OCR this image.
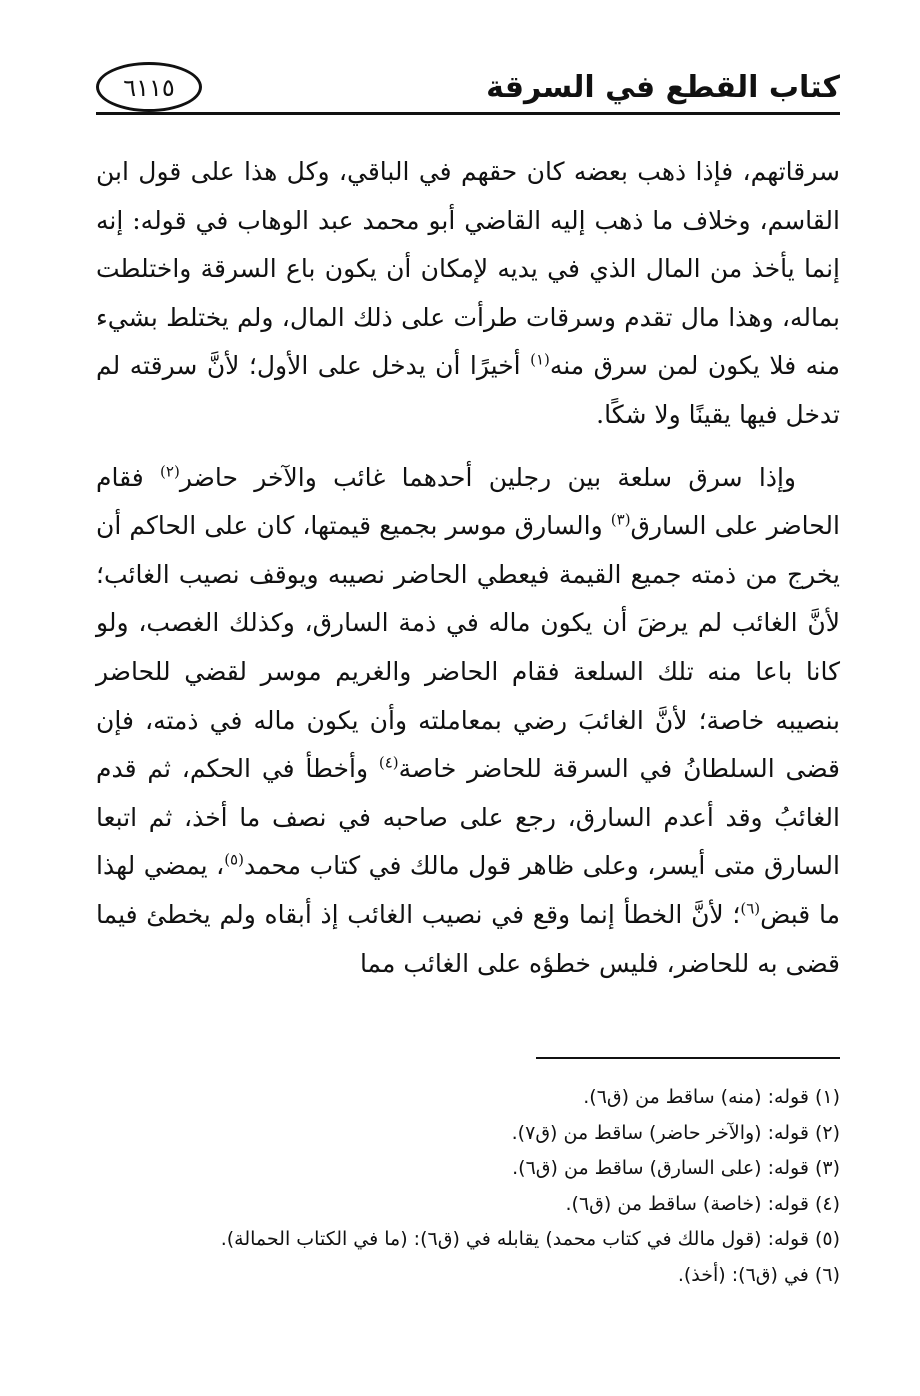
٦١١٥	كتاب القطع في السرقة

سرقاتهم، فإذا ذهب بعضه كان حقهم في الباقي، وكل هذا على قول ابن القاسم، وخلاف ما ذهب إليه القاضي أبو محمد عبد الوهاب في قوله: إنه إنما يأخذ من المال الذي في يديه لإمكان أن يكون باع السرقة واختلطت بماله، وهذا مال تقدم وسرقات طرأت على ذلك المال، ولم يختلط بشيء منه فلا يكون لمن سرق منه$^{(١)}$ أخيرًا أن يدخل على الأول؛ لأنَّ سرقته لم تدخل فيها يقينًا ولا شكًا.

وإذا سرق سلعة بين رجلين أحدهما غائب والآخر حاضر$^{(٢)}$ فقام الحاضر على السارق$^{(٣)}$ والسارق موسر بجميع قيمتها، كان على الحاكم أن يخرج من ذمته جميع القيمة فيعطي الحاضر نصيبه ويوقف نصيب الغائب؛ لأنَّ الغائب لم يرضَ أن يكون ماله في ذمة السارق، وكذلك الغصب، ولو كانا باعا منه تلك السلعة فقام الحاضر والغريم موسر لقضي للحاضر بنصيبه خاصة؛ لأنَّ الغائبَ رضي بمعاملته وأن يكون ماله في ذمته، فإن قضى السلطانُ في السرقة للحاضر خاصة$^{(٤)}$ وأخطأ في الحكم، ثم قدم الغائبُ وقد أعدم السارق، رجع على صاحبه في نصف ما أخذ، ثم اتبعا السارق متى أيسر، وعلى ظاهر قول مالك في كتاب محمد$^{(٥)}$، يمضي لهذا ما قبض$^{(٦)}$؛ لأنَّ الخطأ إنما وقع في نصيب الغائب إذ أبقاه ولم يخطئ فيما قضى به للحاضر، فليس خطؤه على الغائب مما

(١) قوله: (منه) ساقط من (ق٦).

(٢) قوله: (والآخر حاضر) ساقط من (ق٧).

(٣) قوله: (على السارق) ساقط من (ق٦).

(٤) قوله: (خاصة) ساقط من (ق٦).

(٥) قوله: (قول مالك في كتاب محمد) يقابله في (ق٦): (ما في الكتاب الحمالة).

(٦) في (ق٦): (أخذ).
